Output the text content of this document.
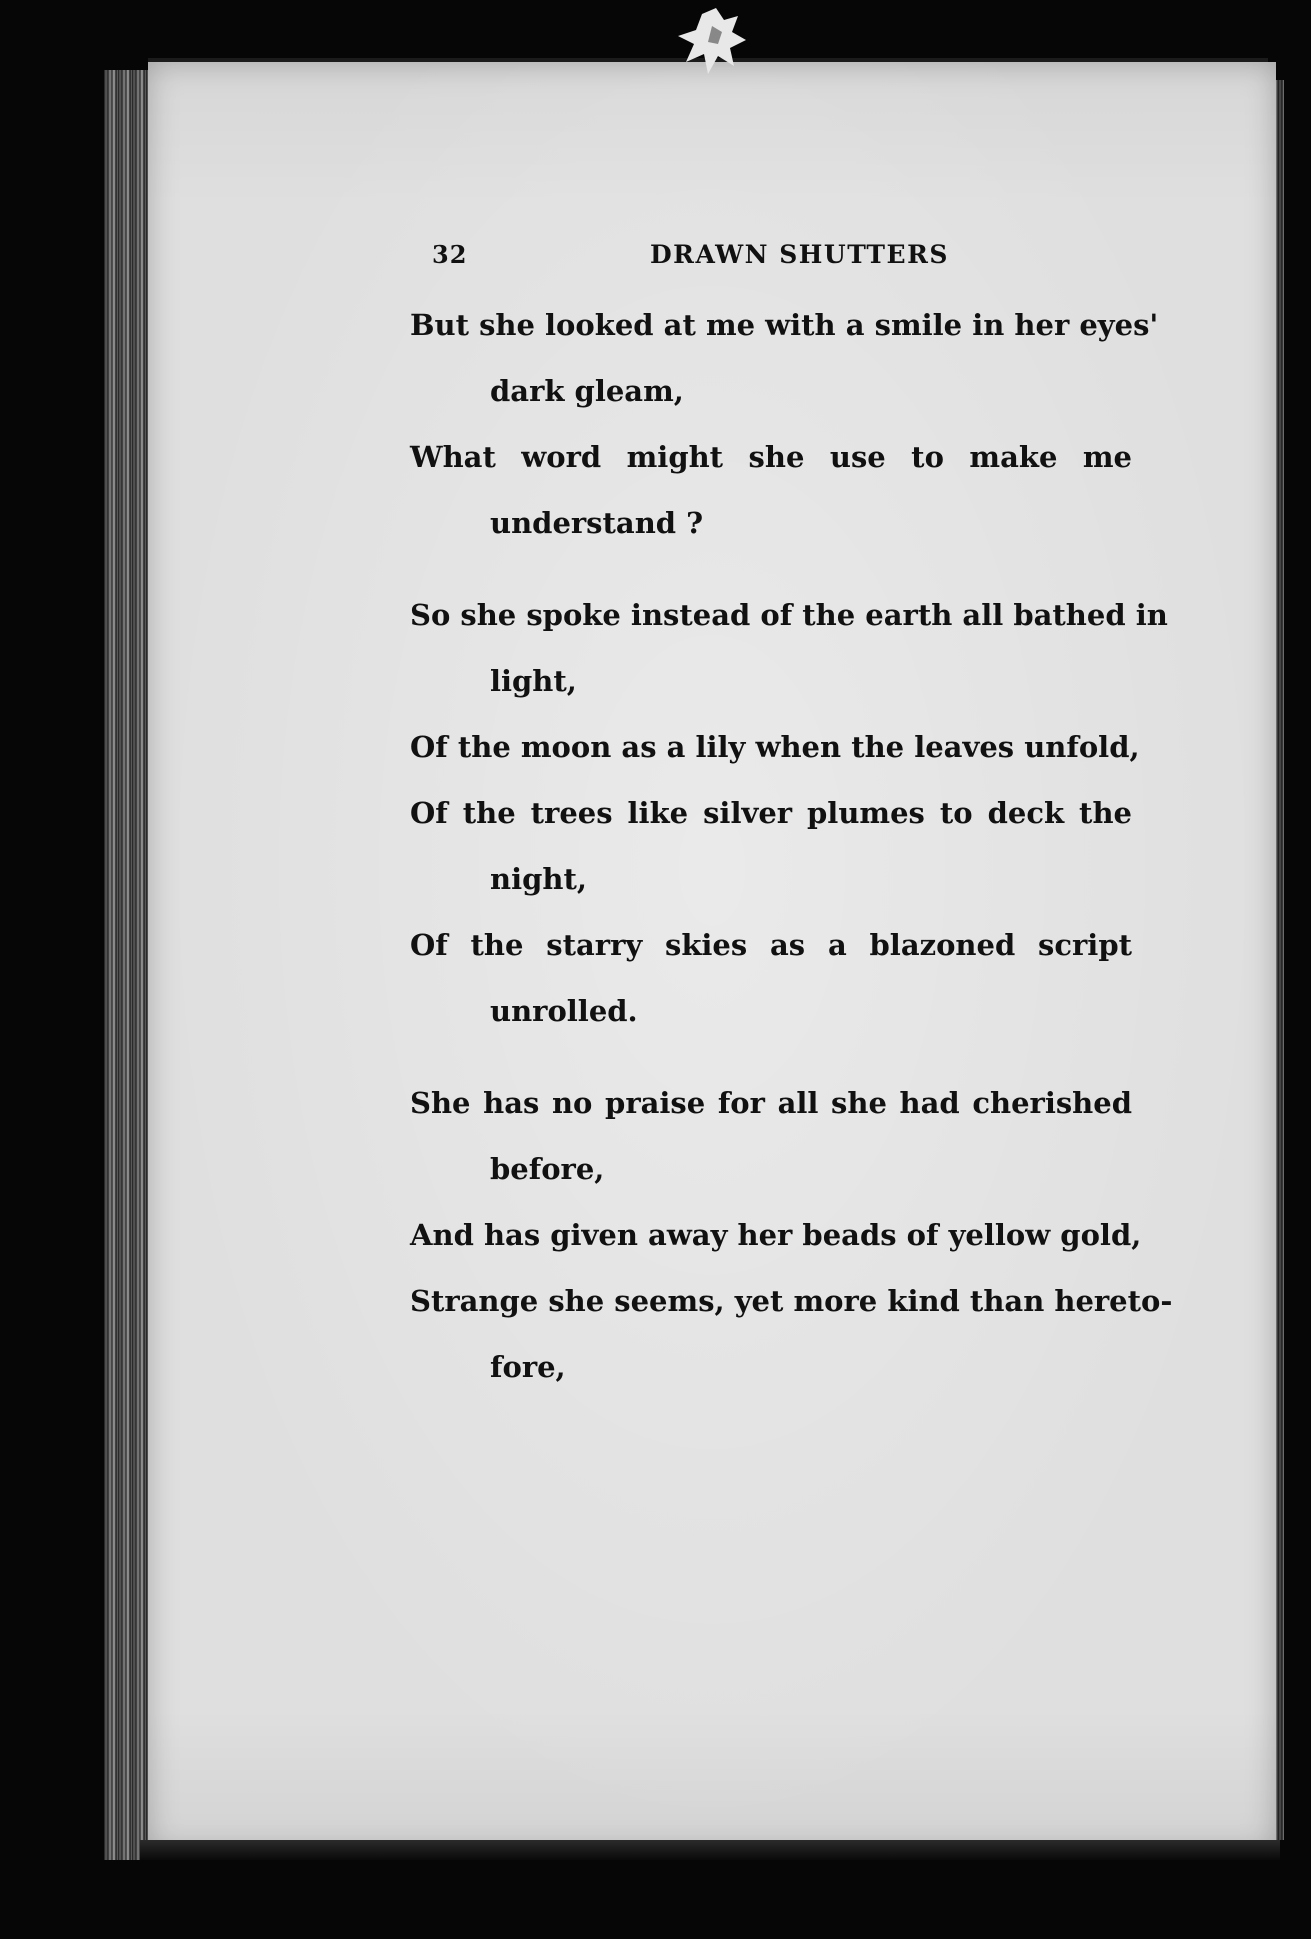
32	DRAWN SHUTTERS
But she looked at me with a smile in her eyes'
dark gleam,
What word might she use to make me
understand ?
So she spoke instead of the earth all bathed in
light,
Of the moon as a lily when the leaves unfold,
Of the trees like silver plumes to deck the
night,
Of the starry skies as a blazoned script
unrolled.
She has no praise for all she had cherished
before,
And has given away her beads of yellow gold,
Strange she seems, yet more kind than hereto-
fore,
